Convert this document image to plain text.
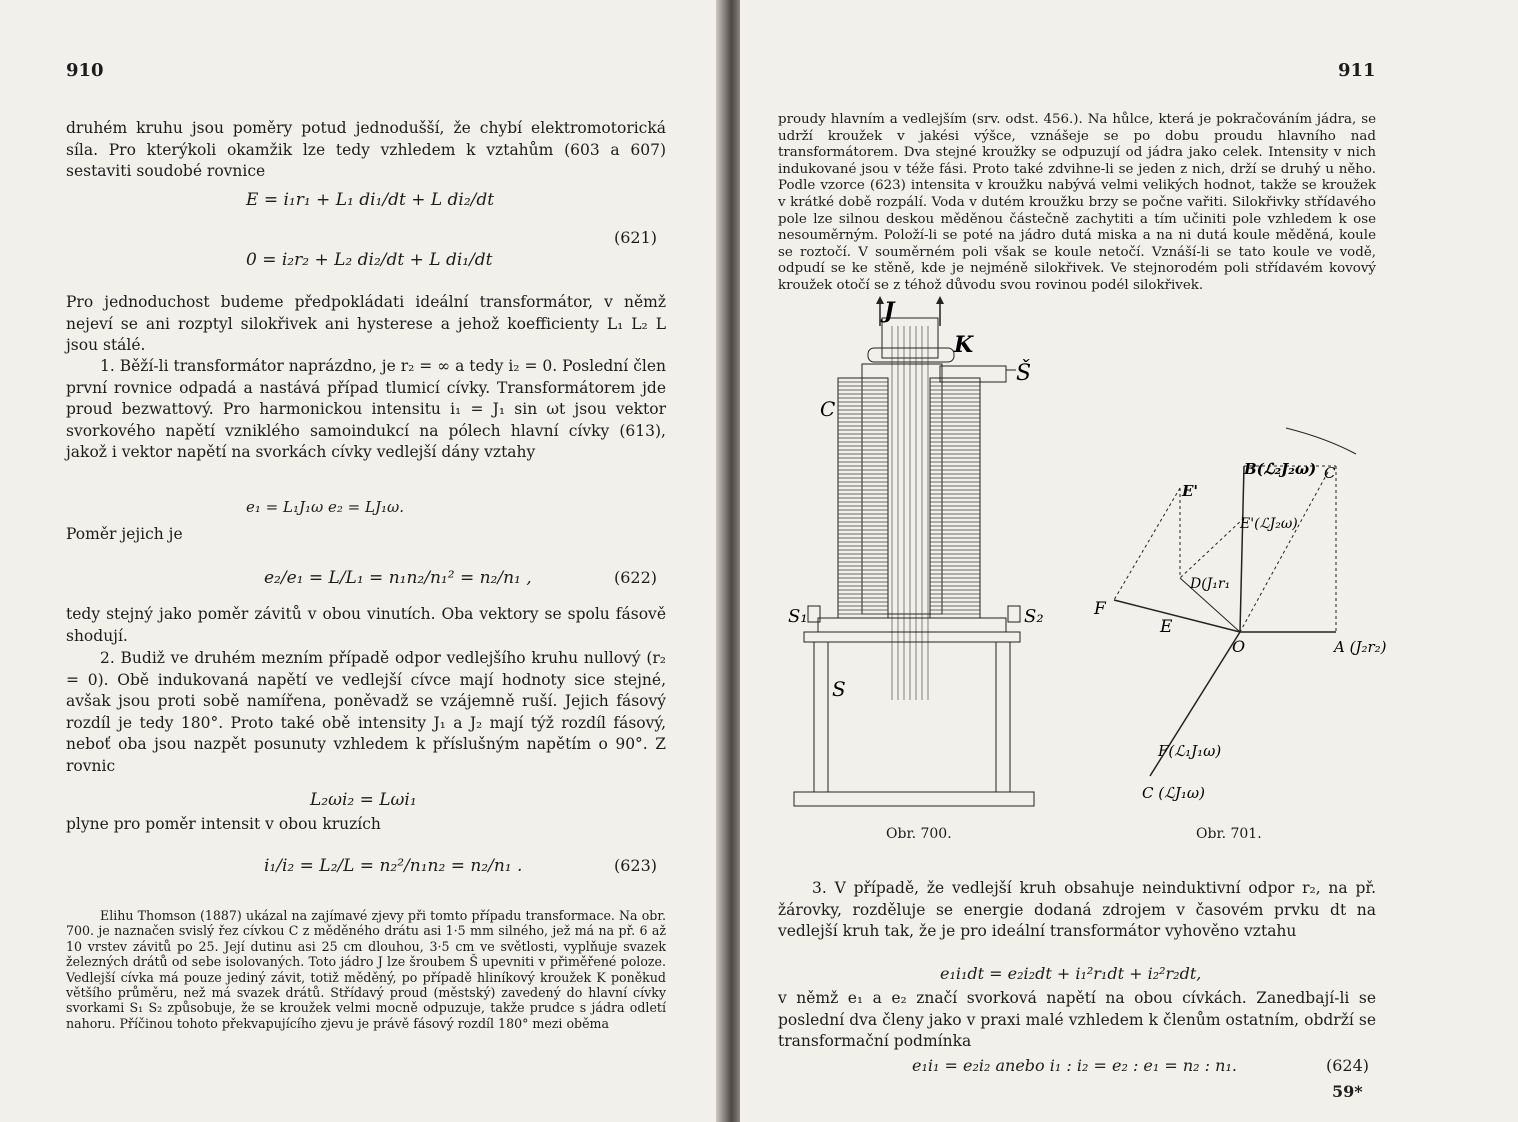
910
druhém kruhu jsou poměry potud jednodušší, že chybí elektromotorická síla. Pro kterýkoli okamžik lze tedy vzhledem k vztahům (603 a 607) sestaviti soudobé rovnice
E = i₁r₁ + L₁ di₁/dt + L di₂/dt
0 = i₂r₂ + L₂ di₂/dt + L di₁/dt
(621)
Pro jednoduchost budeme předpokládati ideální transformátor, v němž nejeví se ani rozptyl silokřivek ani hysterese a jehož koefficienty L₁ L₂ L jsou stálé.
1. Běží-li transformátor naprázdno, je r₂ = ∞ a tedy i₂ = 0. Poslední člen první rovnice odpadá a nastává případ tlumicí cívky. Transformátorem jde proud bezwattový. Pro harmonickou intensitu i₁ = J₁ sin ωt jsou vektor svorkového napětí vzniklého samoindukcí na pólech hlavní cívky (613), jakož i vektor napětí na svorkách cívky vedlejší dány vztahy
e₁ = L₁J₁ω e₂ = LJ₁ω.
Poměr jejich je
e₂/e₁ = L/L₁ = n₁n₂/n₁² = n₂/n₁ ,	(622)
tedy stejný jako poměr závitů v obou vinutích. Oba vektory se spolu fásově shodují.
2. Budiž ve druhém mezním případě odpor vedlejšího kruhu nullový (r₂ = 0). Obě indukovaná napětí ve vedlejší cívce mají hodnoty sice stejné, avšak jsou proti sobě namířena, poněvadž se vzájemně ruší. Jejich fásový rozdíl je tedy 180°. Proto také obě intensity J₁ a J₂ mají týž rozdíl fásový, neboť oba jsou nazpět posunuty vzhledem k příslušným napětím o 90°. Z rovnic
L₂ωi₂ = Lωi₁
plyne pro poměr intensit v obou kruzích
i₁/i₂ = L₂/L = n₂²/n₁n₂ = n₂/n₁ .	(623)
Elihu Thomson (1887) ukázal na zajímavé zjevy při tomto případu transformace. Na obr. 700. je naznačen svislý řez cívkou C z měděného drátu asi 1·5 mm silného, jež má na př. 6 až 10 vrstev závitů po 25. Její dutinu asi 25 cm dlouhou, 3·5 cm ve světlosti, vyplňuje svazek železných drátů od sebe isolovaných. Toto jádro J lze šroubem Š upevniti v přiměřené poloze. Vedlejší cívka má pouze jediný závit, totiž měděný, po případě hliníkový kroužek K poněkud většího průměru, než má svazek drátů. Střídavý proud (městský) zavedený do hlavní cívky svorkami S₁ S₂ způsobuje, že se kroužek velmi mocně odpuzuje, takže prudce s jádra odletí nahoru. Příčinou tohoto překvapujícího zjevu je právě fásový rozdíl 180° mezi oběma
911
proudy hlavním a vedlejším (srv. odst. 456.). Na hůlce, která je pokračováním jádra, se udrží kroužek v jakési výšce, vznášeje se po dobu proudu hlavního nad transformátorem. Dva stejné kroužky se odpuzují od jádra jako celek. Intensity v nich indukované jsou v téže fási. Proto také zdvihne-li se jeden z nich, drží se druhý u něho. Podle vzorce (623) intensita v kroužku nabývá velmi velikých hodnot, takže se kroužek v krátké době rozpálí. Voda v dutém kroužku brzy se počne vařiti. Silokřivky střídavého pole lze silnou deskou měděnou částečně zachytiti a tím učiniti pole vzhledem k ose nesouměrným. Položí-li se poté na jádro dutá miska a na ni dutá koule měděná, koule se roztočí. V souměrném poli však se koule netočí. Vznáší-li se tato koule ve vodě, odpudí se ke stěně, kde je nejméně silokřivek. Ve stejnorodém poli střídavém kovový kroužek otočí se z téhož důvodu svou rovinou podél silokřivek.
J
K
Š
C
S₁	S₂
S
Obr. 700.
B(ℒ₂J₂ω) C
E'
E'(ℒJ₂ω)
D(J₁r₁
F
E
O	A (J₂r₂)
F(ℒ₁J₁ω)
C (ℒJ₁ω)
Obr. 701.
3. V případě, že vedlejší kruh obsahuje neinduktivní odpor r₂, na př. žárovky, rozděluje se energie dodaná zdrojem v časovém prvku dt na vedlejší kruh tak, že je pro ideální transformátor vyhověno vztahu
e₁i₁dt = e₂i₂dt + i₁²r₁dt + i₂²r₂dt,
v němž e₁ a e₂ značí svorková napětí na obou cívkách. Zanedbají-li se poslední dva členy jako v praxi malé vzhledem k členům ostatním, obdrží se transformační podmínka
e₁i₁ = e₂i₂ anebo i₁ : i₂ = e₂ : e₁ = n₂ : n₁.	(624)
59*
